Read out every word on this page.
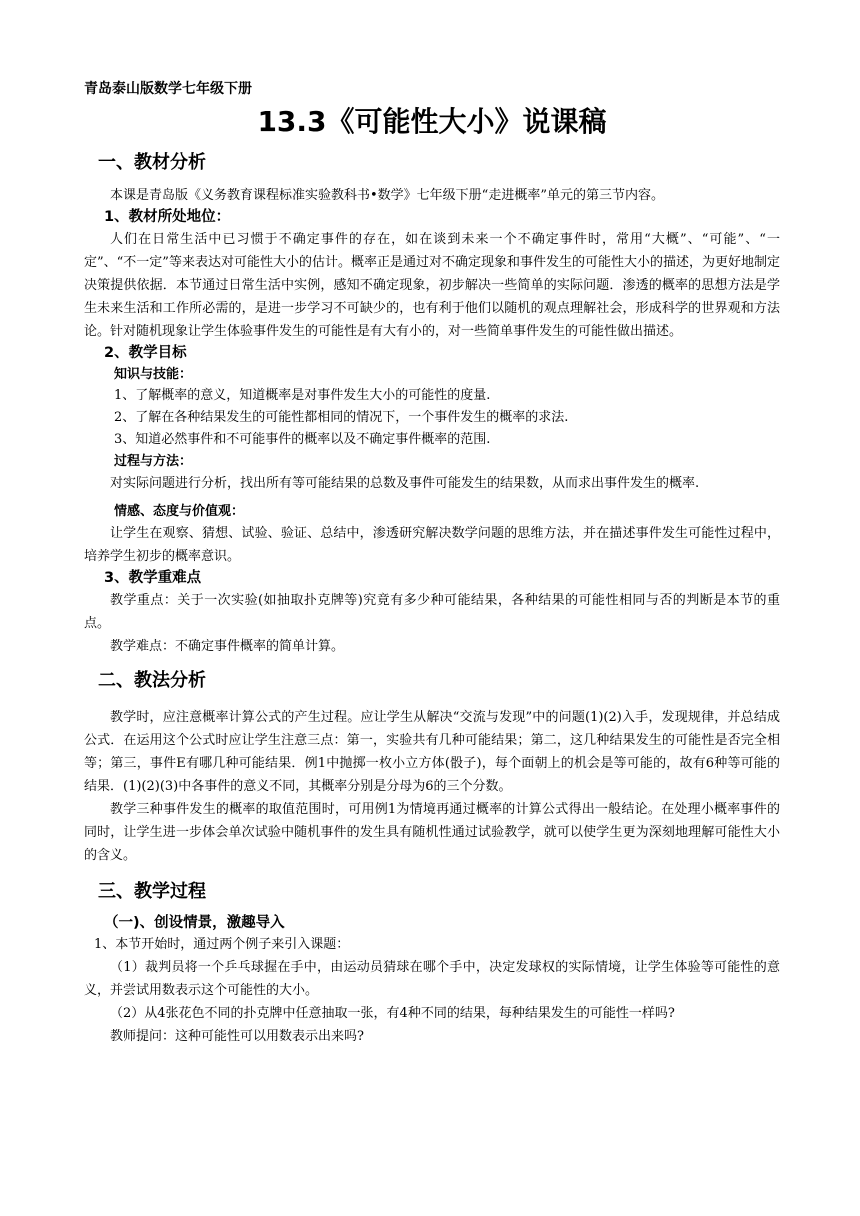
青岛泰山版数学七年级下册
13.3《可能性大小》说课稿
一、教材分析
本课是青岛版《义务教育课程标准实验教科书•数学》七年级下册“走进概率”单元的第三节内容。
1、教材所处地位：
人们在日常生活中已习惯于不确定事件的存在，如在谈到未来一个不确定事件时，常用“大概”、“可能”、“一定”、“不一定”等来表达对可能性大小的估计。概率正是通过对不确定现象和事件发生的可能性大小的描述，为更好地制定决策提供依据．本节通过日常生活中实例，感知不确定现象，初步解决一些简单的实际问题．渗透的概率的思想方法是学生未来生活和工作所必需的，是进一步学习不可缺少的，也有利于他们以随机的观点理解社会，形成科学的世界观和方法论。针对随机现象让学生体验事件发生的可能性是有大有小的，对一些简单事件发生的可能性做出描述。
2、教学目标
知识与技能：
1、了解概率的意义，知道概率是对事件发生大小的可能性的度量.
2、了解在各种结果发生的可能性都相同的情况下，一个事件发生的概率的求法.
3、知道必然事件和不可能事件的概率以及不确定事件概率的范围.
过程与方法：
对实际问题进行分析，找出所有等可能结果的总数及事件可能发生的结果数，从而求出事件发生的概率.
情感、态度与价值观：
让学生在观察、猜想、试验、验证、总结中，渗透研究解决数学问题的思维方法，并在描述事件发生可能性过程中，培养学生初步的概率意识。
3、教学重难点
教学重点：关于一次实验(如抽取扑克牌等)究竟有多少种可能结果，各种结果的可能性相同与否的判断是本节的重点。
教学难点：不确定事件概率的简单计算。
二、教法分析
教学时，应注意概率计算公式的产生过程。应让学生从解决“交流与发现”中的问题(1)(2)入手，发现规律，并总结成公式．在运用这个公式时应让学生注意三点：第一，实验共有几种可能结果；第二，这几种结果发生的可能性是否完全相等；第三，事件E有哪几种可能结果．例1中抛掷一枚小立方体(骰子)，每个面朝上的机会是等可能的，故有6种等可能的结果．(1)(2)(3)中各事件的意义不同，其概率分别是分母为6的三个分数。
教学三种事件发生的概率的取值范围时，可用例1为情境再通过概率的计算公式得出一般结论。在处理小概率事件的同时，让学生进一步体会单次试验中随机事件的发生具有随机性通过试验教学，就可以使学生更为深刻地理解可能性大小的含义。
三、教学过程
（一)、创设情景，激趣导入
1、本节开始时，通过两个例子来引入课题：
（1）裁判员将一个乒乓球握在手中，由运动员猜球在哪个手中，决定发球权的实际情境，让学生体验等可能性的意义，并尝试用数表示这个可能性的大小。
（2）从4张花色不同的扑克牌中任意抽取一张，有4种不同的结果，每种结果发生的可能性一样吗?
教师提问：这种可能性可以用数表示出来吗?
